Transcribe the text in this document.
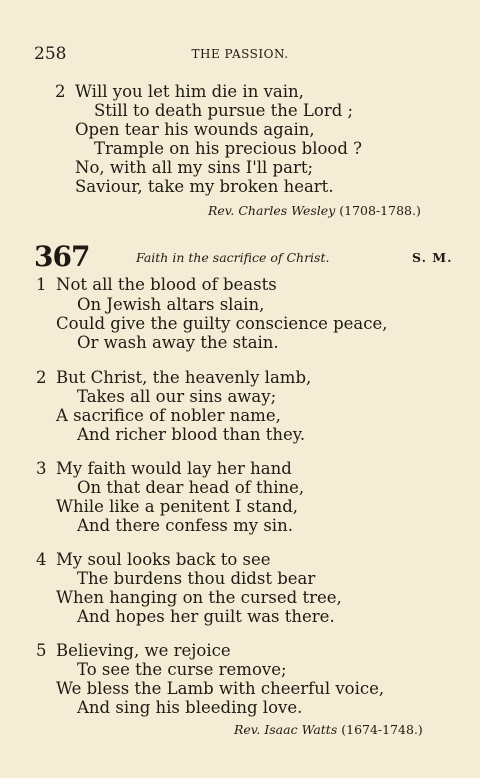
258	THE PASSION.
2 Will you let him die in vain,
Still to death pursue the Lord ;
Open tear his wounds again,
Trample on his precious blood ?
No, with all my sins I'll part;
Saviour, take my broken heart.
Rev. Charles Wesley (1708-1788.)
367	Faith in the sacrifice of Christ.	S. M.
1 Not all the blood of beasts
On Jewish altars slain,
Could give the guilty conscience peace,
Or wash away the stain.
2 But Christ, the heavenly lamb,
Takes all our sins away;
A sacrifice of nobler name,
And richer blood than they.
3 My faith would lay her hand
On that dear head of thine,
While like a penitent I stand,
And there confess my sin.
4 My soul looks back to see
The burdens thou didst bear
When hanging on the cursed tree,
And hopes her guilt was there.
5 Believing, we rejoice
To see the curse remove;
We bless the Lamb with cheerful voice,
And sing his bleeding love.
Rev. Isaac Watts (1674-1748.)
